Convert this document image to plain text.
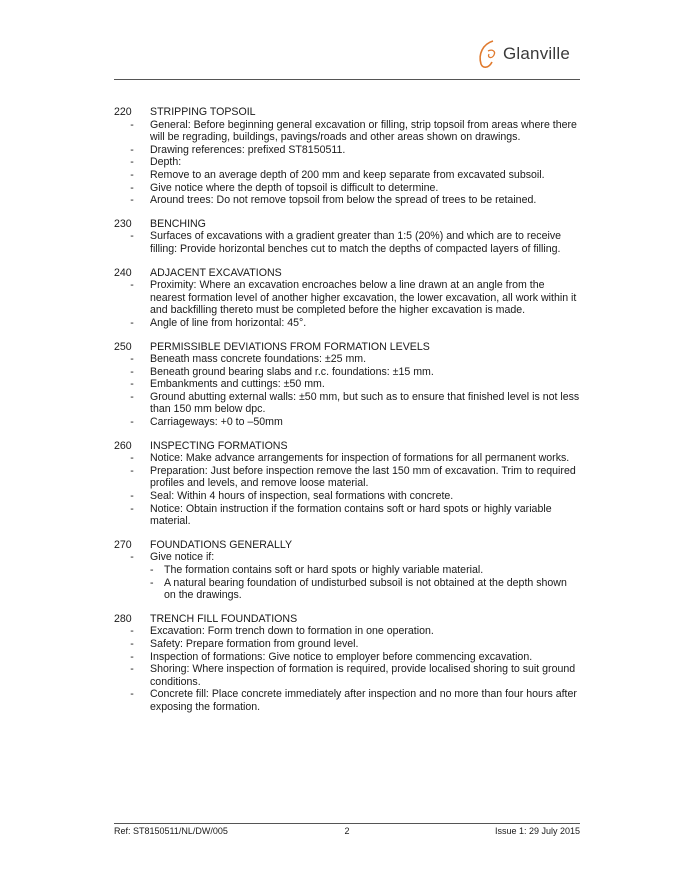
Glanville
220	STRIPPING TOPSOIL
-	General: Before beginning general excavation or filling, strip topsoil from areas where there will be regrading, buildings, pavings/roads and other areas shown on drawings.
-	Drawing references: prefixed ST8150511.
-	Depth:
-	Remove to an average depth of 200 mm and keep separate from excavated subsoil.
-	Give notice where the depth of topsoil is difficult to determine.
-	Around trees: Do not remove topsoil from below the spread of trees to be retained.
230	BENCHING
-	Surfaces of excavations with a gradient greater than 1:5 (20%) and which are to receive filling: Provide horizontal benches cut to match the depths of compacted layers of filling.
240	ADJACENT EXCAVATIONS
-	Proximity: Where an excavation encroaches below a line drawn at an angle from the nearest formation level of another higher excavation, the lower excavation, all work within it and backfilling thereto must be completed before the higher excavation is made.
-	Angle of line from horizontal: 45°.
250	PERMISSIBLE DEVIATIONS FROM FORMATION LEVELS
-	Beneath mass concrete foundations: ±25 mm.
-	Beneath ground bearing slabs and r.c. foundations: ±15 mm.
-	Embankments and cuttings: ±50 mm.
-	Ground abutting external walls: ±50 mm, but such as to ensure that finished level is not less than 150 mm below dpc.
-	Carriageways: +0 to –50mm
260	INSPECTING FORMATIONS
-	Notice: Make advance arrangements for inspection of formations for all permanent works.
-	Preparation: Just before inspection remove the last 150 mm of excavation. Trim to required profiles and levels, and remove loose material.
-	Seal: Within 4 hours of inspection, seal formations with concrete.
-	Notice: Obtain instruction if the formation contains soft or hard spots or highly variable material.
270	FOUNDATIONS GENERALLY
-	Give notice if:
- The formation contains soft or hard spots or highly variable material.
- A natural bearing foundation of undisturbed subsoil is not obtained at the depth shown on the drawings.
280	TRENCH FILL FOUNDATIONS
-	Excavation: Form trench down to formation in one operation.
-	Safety: Prepare formation from ground level.
-	Inspection of formations: Give notice to employer before commencing excavation.
-	Shoring: Where inspection of formation is required, provide localised shoring to suit ground conditions.
-	Concrete fill: Place concrete immediately after inspection and no more than four hours after exposing the formation.
Ref: ST8150511/NL/DW/005	2	Issue 1: 29 July 2015
